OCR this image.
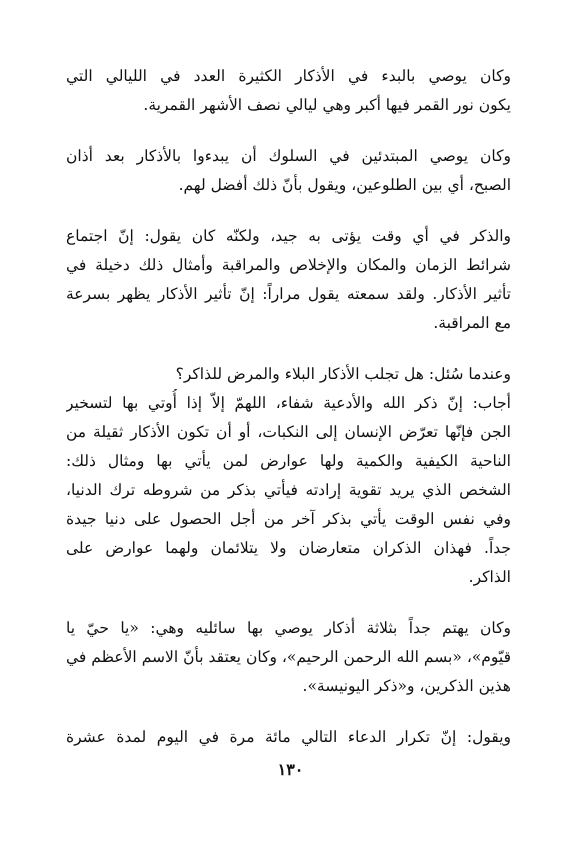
وكان يوصي بالبدء في الأذكار الكثيرة العدد في الليالي التي
يكون نور القمر فيها أكبر وهي ليالي نصف الأشهر القمرية.

وكان يوصي المبتدئين في السلوك أن يبدءوا بالأذكار بعد أذان
الصبح، أي بين الطلوعين، ويقول بأنّ ذلك أفضل لهم.

والذكر في أي وقت يؤتى به جيد، ولكنّه كان يقول: إنّ اجتماع
شرائط الزمان والمكان والإخلاص والمراقبة وأمثال ذلك دخيلة في
تأثير الأذكار. ولقد سمعته يقول مراراً: إنّ تأثير الأذكار يظهر بسرعة
مع المراقبة.

وعندما سُئل: هل تجلب الأذكار البلاء والمرض للذاكر؟
أجاب: إنّ ذكر الله والأدعية شفاء، اللهمّ إلاّ إذا أُوتي بها لتسخير
الجن فإنّها تعرّض الإنسان إلى النكبات، أو أن تكون الأذكار ثقيلة من
الناحية الكيفية والكمية ولها عوارض لمن يأتي بها ومثال ذلك:
الشخص الذي يريد تقوية إرادته فيأتي بذكر من شروطه ترك الدنيا،
وفي نفس الوقت يأتي بذكر آخر من أجل الحصول على دنيا جيدة
جداً. فهذان الذكران متعارضان ولا يتلائمان ولهما عوارض على
الذاكر.

وكان يهتم جداً بثلاثة أذكار يوصي بها سائليه وهي: «يا حيّ يا
قيّوم»، «بسم الله الرحمن الرحيم»، وكان يعتقد بأنّ الاسم الأعظم في
هذين الذكرين، و«ذكر اليونيسة».

ويقول: إنّ تكرار الدعاء التالي مائة مرة في اليوم لمدة عشرة

١٣٠
